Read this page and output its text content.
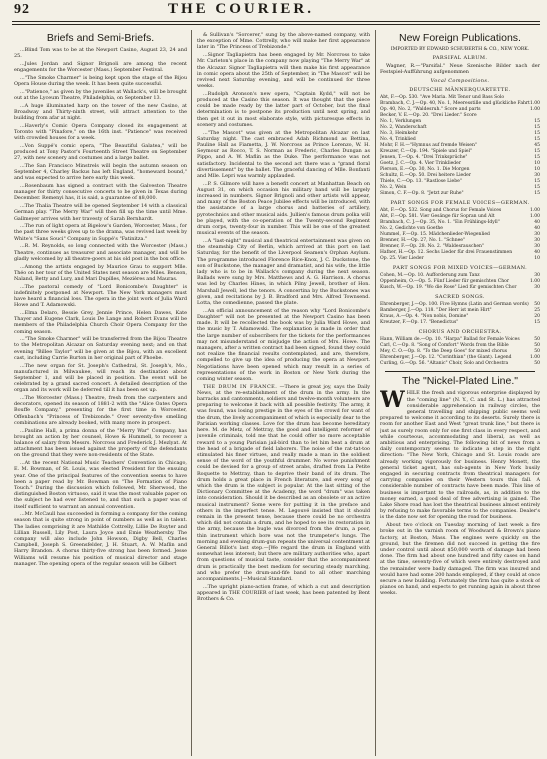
92	THE COURIER.
Briefs and Semi-Briefs.
...Blind Tom was to be at the Newport Casino, August 23, 24 and 25.
...Jules Jordan and Signor Brignoli are among the recent engagements for the Worcester (Mass.) September Festival.
..."The Smoke Charmer" is being kept upon the stage of the Bijou Opera House during the week. It has been quite successful.
..."Patience," as given by the juveniles at Wallack's, will be brought out at the Lyceum Theatre, Philadelphia, on September 13.
...A huge illuminated harp on the tower of the new Casino, at Broadway and Thirty-ninth street, will attract attention to the building from afar at night.
...Haverly's Comic Opera Company closed its engagement at Toronto with "Pinafore," on the 16th inst. "Patience" was received with crowded houses for a week.
...Von Suppé's comic opera, "The Beautiful Galatea," will be produced at Tony Pastor's Fourteenth Street Theatre on September 27, with new scenery and costumes and a large ballet.
...The San Francisco Minstrels will begin the autumn season on September 4, Charley Backus has left England, "homeward bound," and was expected to arrive here early this week.
...Rosenbaum has signed a contract with the Galveston Theatre manager for thirty consecutive concerts to be given in Texas during December. Remenyi has, it is said, a guarantee of $8,000.
...The Thalia Theatre will be opened September 14 with a classical German play. "The Merry War" will then fill up the time until Mme. Gallmeyer arrives with her travesty of Sarah Bernhardt.
...The run of light opera at Bigelow's Garden, Worcester, Mass., for the past three weeks gives up to the drama, was revived last week by White's "Sans Souci" Company in Suppé's "Fatinitza."
...R. M. Reynolds, so long connected with the Worcester (Mass.) Theatre, continues as treasurer and associate manager, and will be gladly welcomed by all theatre-goers at his old post in the box office.
...Among the artists engaged by Maurice Grau to support Mlle. Théo on her tour of the United States next season are Miles. Benson, Naland, Betty and Lury, and Mari Dupilles, Mezières and Mauras.
...The pastoral comedy of "Lord Bonicombe's Daughter" is indefinitely postponed at Newport. The New York managers must have heard a financial loss. The opera in the joint work of Julia Ward Howe and T. Adamowski.
...Elma Delaro, Bessie Grey, Jennie Prince, Helen Dawes, Kate Thayer and Eugene Clark, Louis De Lange and Robert Evans will be members of the Philadelphia Church Choir Opera Company for the coming season.
..."The Smoke Charmer" will be transferred from the Bijou Theatre to the Metropolitan Alcazar on Saturday evening next; and on that evening "Billee Taylor" will be given at the Bijou, with an excellent cast, including Carrie Burton in her original part of Phoebe.
...The new organ for St. Joseph's Cathedral, St. Joseph's, Mo., manufactured in Milwaukee, will reach its destination about September 1, and will be placed in position. The event will be celebrated by a grand sacred concert. A detailed description of the organ and its work will be deferred till it has been set up.
...The Worcester (Mass.) Theatre, fresh from the carpenters and decorators, opened its season of 1881-2 with the "Alice Oates Opera Bouffe Company," presenting for the first time in Worcester, Offenbach's "Princess of Trebizonde." Over seventy-five smelling combinations are already booked, with many more in prospect.
...Pauline Hall, a prima donna of the "Merry War" Company, has brought an action by her counsel, Howe & Hummell, to recover a balance of salary from Messrs. Norcross and Frederick J. Mezlyat. At attachment has been issued against the property of the defendants on the ground that they were non-residents of the State.
...At the recent National Music Teachers' Convention in Chicago, E. M. Bowman, of St. Louis, was elected President for the ensuing year. One of the principal features of the convention seems to have been a paper read by Mr. Bowman on "The Formation of Piano Touch." During the discussion which followed, Mr. Sherwood, the distinguished Boston virtuoso, said it was the most valuable paper on the subject he had ever listened to, and that such a paper was of itself sufficient to warrant an annual convention.
...Mr. McCaull has succeeded in forming a company for the coming season that is quite strong in point of numbers as well as in talent. The ladies comprising it are Mathilde Cottrelly, Lillie De Ruyter and Lillian Russell, Lily Post, Laura Joyce and Emie Weathersby. The company will also include John Howson, Digby Bell, Charles Campbell, Joseph S. Greensfelder, J. H. Stuart, A. W. Maflin and Harry Brandon. A chorus thirty-five strong has been formed. Jesse Williams will resume his position of musical director and stage manager. The opening opera of the regular season will be Gilbert
& Sullivan's "Sorcerer," sung by the above-named company, with the exception of Mme. Cottrelly, who will make her first appearance later in "The Princess of Trebizonde."
...Signor Tagliapietra has been engaged by Mr. Norcross to take Mr. Carleton's place in the company now playing "The Merry War" at the Alcazar. Signor Tagliapietra will then make his first appearance in comic opera about the 25th of September, in "The Mascot" will be revived next Saturday evening, and will be continued for three weeks.
...Rudolph Aronson's new opera, "Captain Kydd," will not be produced at the Casino this season. It was thought that the piece could be made ready by the latter part of October, but the final determination is to postpone its production until next spring, and then get it out in most elaborate style, with picturesque effects in scenery and costumes.
..."The Mascot" was given at the Metropolitan Alcazar on last Saturday night. The cast embraced Adah Richmond as Bettina, Pauline Hall as Fiametta, J. W. Norcross as Prince Lorenzo, W. H. Seymour as Rocco, T. S. Norman as Frederic, Charles Dungan as Pippo, and A. W. Maflin as the Duke. The performance was not satisfactory. Incidental to the second act there was a "grand floral divertissement" by the ballet. The graceful dancing of Mlle. Bonfanti and Mlle. Lepri was warmly applauded.
...P. S. Gilmore will have a benefit concert at Manhattan Beach on August 31, on which occasion his military band will be largely increased in numbers. Signor Brignoli and other artists will appear, and many of the Boston Peace Jubilee effects will be introduced, with the assistance of a large chorus and batteries of artillery, pyrotechnics and other musical aids. Jullien's famous drum polka will be played, with the co-operation of the Twenty-second Regiment drum corps, twenty-four in number. This will be one of the greatest musical events of the season.
...A "last-night" musical and theatrical entertainment was given on the steamship City of Berlin, which arrived at this port on last Saturday, for the benefit of the Liverpool Seamen's Orphan Asylum. The programme introduced Florence Rice-Knox, J. C. Duckstone, the son of Buckstone, the manager and dramatist, and his wife, the little lady who is to be in Wallack's company during the next season. Ballads were sung by Mrs. Matthews and A. G. Harrison. A chorus was led by Charles Hines, in which Pilny Jewell, brother of Hon. Marshall Jewell, led the tenors. A concertina by the Buckstones was given, and recitations by J. B. Bradford and Mrs. Alfred Townsend. Lotta, the comedienne, passed the plate.
...An official announcement of the reason why "Lord Bonicombe's Daughter" will not be presented at the Newport Casino has been made. It will be recollected the book was by Julia Ward Howe, and the music by T. Adamowski. The explanation is made in order that the large number of subscribers for the tickets for the performances may not misunderstand or misjudge the action of Mrs. Howe. The managers, after a written contract had been signed, found they could not realize the financial results contemplated, and are, therefore, compelled to give up the idea of producing the opera at Newport. Negotiations have been opened which may result in a series of representations of the work in Boston or New York during the coming winter season.
THE DRUM IN FRANCE. —There is great joy, says the Daily News, at the re-establishment of the drum in the army. In the barracks and cantonments, soldiers and twelve-month volunteers are preparing to welcome it back with all possible festivity. The army, it was found, was losing prestige in the eyes of the crowd for want of the drum, the lively accompaniment of which is especially dear to the Parisian working classes. Love for the drum has become hereditary here. M. de Metz, of Mettray, the good and intelligent reformer of juvenile criminals, told me that he could offer no more acceptable reward to a young Parisian jail-bird than to let him beat a drum at the head of a brigade of field laborers. The noise of the rat-tat-too stimulated his finer virtues, and really made a man in the soldiest sense of the word of the youthful drummer. No worse punishment could be devised for a group of street arabs, drafted from La Petite Roquette to Mettray, than to deprive their band of its drum. The drum holds a great place in French literature, and every song of which the drum is the subject is popular. At the last sitting of the Dictionary Committee at the Academy, the word "drum" was taken into consideration. Should it be described as an obsolete or an active musical instrument? Some were for putting it in the preface and others in the imperfect tense. M. Legouvé insisted that it should remain in the present tense, because there could be no orchestra which did not contain a drum, and he hoped to see its restoration in the army, because the bugle was divorced from the drum, a poor, thin instrument which bore was not the trumpeter's lungs. The morning and evening drum-gun repeats the universal contentment at General Billot's last step.—[We regard the drum in England with somewhat less interest; but there are military authorities who, apart from questions of musical taste, consider that the accompaniment drum is practically the best medium for securing steady marching, and who prefer the drum-and-fife band to all other marching accompaniments.]—Musical Standard.
...The upright piano-action frame, of which a cut and description appeared in THE COURIER of last week, has been patented by Bent Brothers & Co.
New Foreign Publications.
IMPORTED BY EDWARD SCHUBERTH & CO., NEW YORK.
PARSIFAL ALBUM.
Wagner, R.—"Parsifal." Neue Szenische Bilder nach der Festspiel-Aufführung aufgenommen
Vocal Compositions.
DEUTSCHE MÄNNERQUARTETTE.
Abt, F.—Op. 530. "Ave Maria. Mit Tenor und Bass Solo
Brambach, C. J.—Op. 40, No. 1, Meeresstille und glückliche Fahrt 1.00
Op. 40, No. 2, "Waldesruh." Score and parts	1.00
Becker, V. E.—Op. 20. "Drei Lieder." Score
No. 1, Verklungen	15
No. 2, Wanderschaft	15
No. 3, Heimkehr	15
No. 4, Trinklied	15
Mohr, F. H.—"Hymnus auf fremde Weisen"	45
Kreuzer, C.—Op. 194. "Spiele und Spiel"	15
Jensen, T.—Op. 4. "Drei Trinksprüche"	15
Goetz, J. C.—Op. 4. Vier Trinklieder	10
Pierson, E.—Op. 30, No. 1. Die Morgen	10
Schultz, E.—Op. 50. Drei heitere Lieder	30
Thiele, C.—Op. 13. "Rastlose Liebe"	15
No. 2, Wein	15
Simon, C. F.—Op. 8. "Jetzt zur Ruhe"	15
PART SONGS FOR FEMALE VOICES—GERMAN.
Abt, F.—Op. 532. Song and Chorus for Female Voices	1.00
Abt, F.—Op. 581. Vier Gesänge für Sopran und Alt	1.00
Brambach, C. J.—Op. 35, No. 1. "Ein Frühlings-Idyll"	40
No. 2, Gedichte von Goethe	40
Nummel, F.—Op. 15. Mädchenlieder-Wiegenlied	30
Brenner, H.—Op. 27, No. 1. "Schnee"	30
Brenner, F.—Op. 28. No. 2. "Waldesrauschen"	30
Hafner, H.—Op. 12. Sechs Lieder für drei Frauenstimmen	40
Op. 25. Vier Lieder	10
PART SONGS FOR MIXED VOICES—GERMAN.
Cohen, M.—Op. 10. Aufforderung zum Tanz	30
Oppenheim, O.—Op. 5. Fünf Lieder für gemischten Chor	1.00
Kusch, W.—Op. 19. "Wo die Rose" Lied für gemischten Chor	30
SACRED SONGS.
Ehrenberger, J.—Op. 100. Five Hymns (Latin and German words)	50
Bamberger, J.—Op. 118. "Der Herr ist mein Hirt"	25
Kraus, A.—Op. 4. "Non nobis, Domine"	20
Kreutzer, F.—Op. 17. "Benedictus"	15
CHORUS AND ORCHESTRA.
Hann, William de.—Op. 10. "Harpa" Ballad for Female Voices	50
Carl, C.—Op. 8. "Song of Comfort" Words from the Bible	50
Mey, C. O.—Op. 8. "To the Deep Goes" for mixed chorus	50
Ehrenberger, J.—Op. 12. "Corinthian" (the Giant). Legend	1.00
Curling, G.—Op. 56. "Altanic" Choir, Solo and Orchestra	50
The "Nickel-Plated Line."
WHILE the fresh and vigorous enterprise displayed by the "coming line" (N. Y., C. and St. L.) has attracted considerable apprehension in railway circles, the general travelling and shipping public seems well prepared to welcome it according to its deserts. Surely there is room for another East and West "great trunk line," but there is just as surely room only for one first class in every respect, and while courteous, accommodating and liberal, as well as ambitious and enterprising. The following bit of news from a daily contemporary seems to indicate a step in the right direction: "The New York, Chicago and St. Louis roads are already working vigorously for business. Henry Monett, the general ticket agent, has sub-agents in New York busily engaged in securing contracts from theatrical managers for carrying companies on their Western tours this fall. A considerable number of contracts have been made. This line of business is important to the railroads, as, in addition to the money earned, a good deal of free advertising is gained. The Lake Shore road has lost the theatrical business almost entirely by refusing to make favorable terms to the companies. Dealer's is the date now set for opening the road for business.
About two o'clock on Tuesday morning of last week a fire broke out in the varnish room of Woodward & Brown's piano factory, at Boston, Mass. The engines were quickly on the ground, but the firemen did not succeed in getting the fire under control until about $50,000 worth of damage had been done. The firm had about one hundred and fifty cases on hand at the time, seventy-five of which were entirely destroyed and the remainder were badly damaged. The firm was insured and would have had some 200 hands employed, if they could at once secure a new building. Fortunately the firm has quite a stock of pianos on hand, and expects to get running again in about three weeks.
